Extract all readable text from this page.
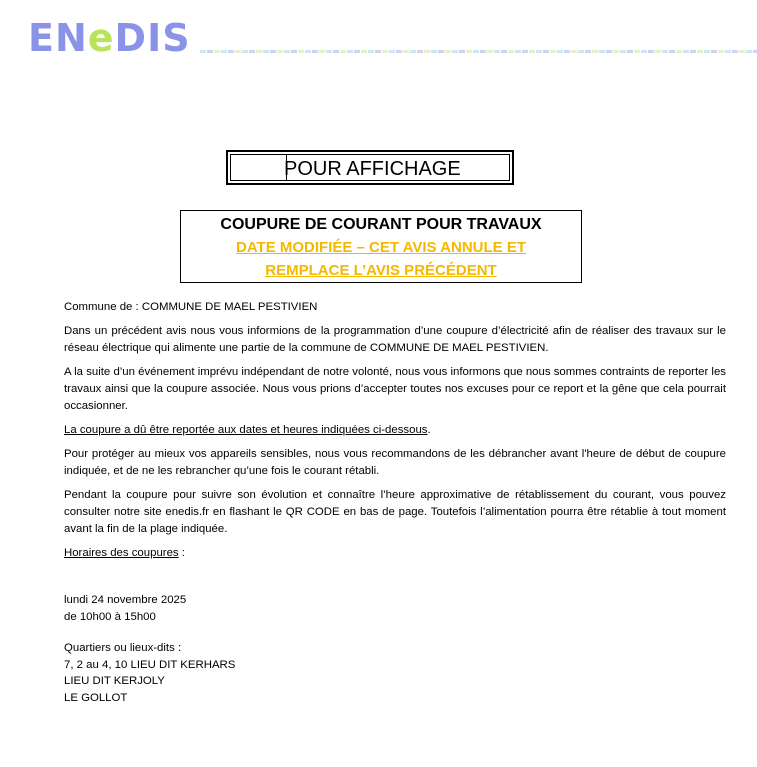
ENeDIS
POUR AFFICHAGE
COUPURE DE COURANT POUR TRAVAUX
DATE MODIFIÉE – CET AVIS ANNULE ET
REMPLACE L’AVIS PRÉCÉDENT

Commune de : COMMUNE DE MAEL PESTIVIEN

Dans un précédent avis nous vous informions de la programmation d’une coupure d’électricité afin de réaliser des travaux sur le réseau électrique qui alimente une partie de la commune de COMMUNE DE MAEL PESTIVIEN.

A la suite d’un événement imprévu indépendant de notre volonté, nous vous informons que nous sommes contraints de reporter les travaux ainsi que la coupure associée. Nous vous prions d’accepter toutes nos excuses pour ce report et la gêne que cela pourrait occasionner.

La coupure a dû être reportée aux dates et heures indiquées ci-dessous.

Pour protéger au mieux vos appareils sensibles, nous vous recommandons de les débrancher avant l'heure de début de coupure indiquée, et de ne les rebrancher qu’une fois le courant rétabli.

Pendant la coupure pour suivre son évolution et connaître l’heure approximative de rétablissement du courant, vous pouvez consulter notre site enedis.fr en flashant le QR CODE en bas de page. Toutefois l’alimentation pourra être rétablie à tout moment avant la fin de la plage indiquée.

Horaires des coupures :

lundi 24 novembre 2025
de 10h00 à 15h00
Quartiers ou lieux-dits :
7, 2 au 4, 10 LIEU DIT KERHARS
LIEU DIT KERJOLY
LE GOLLOT
